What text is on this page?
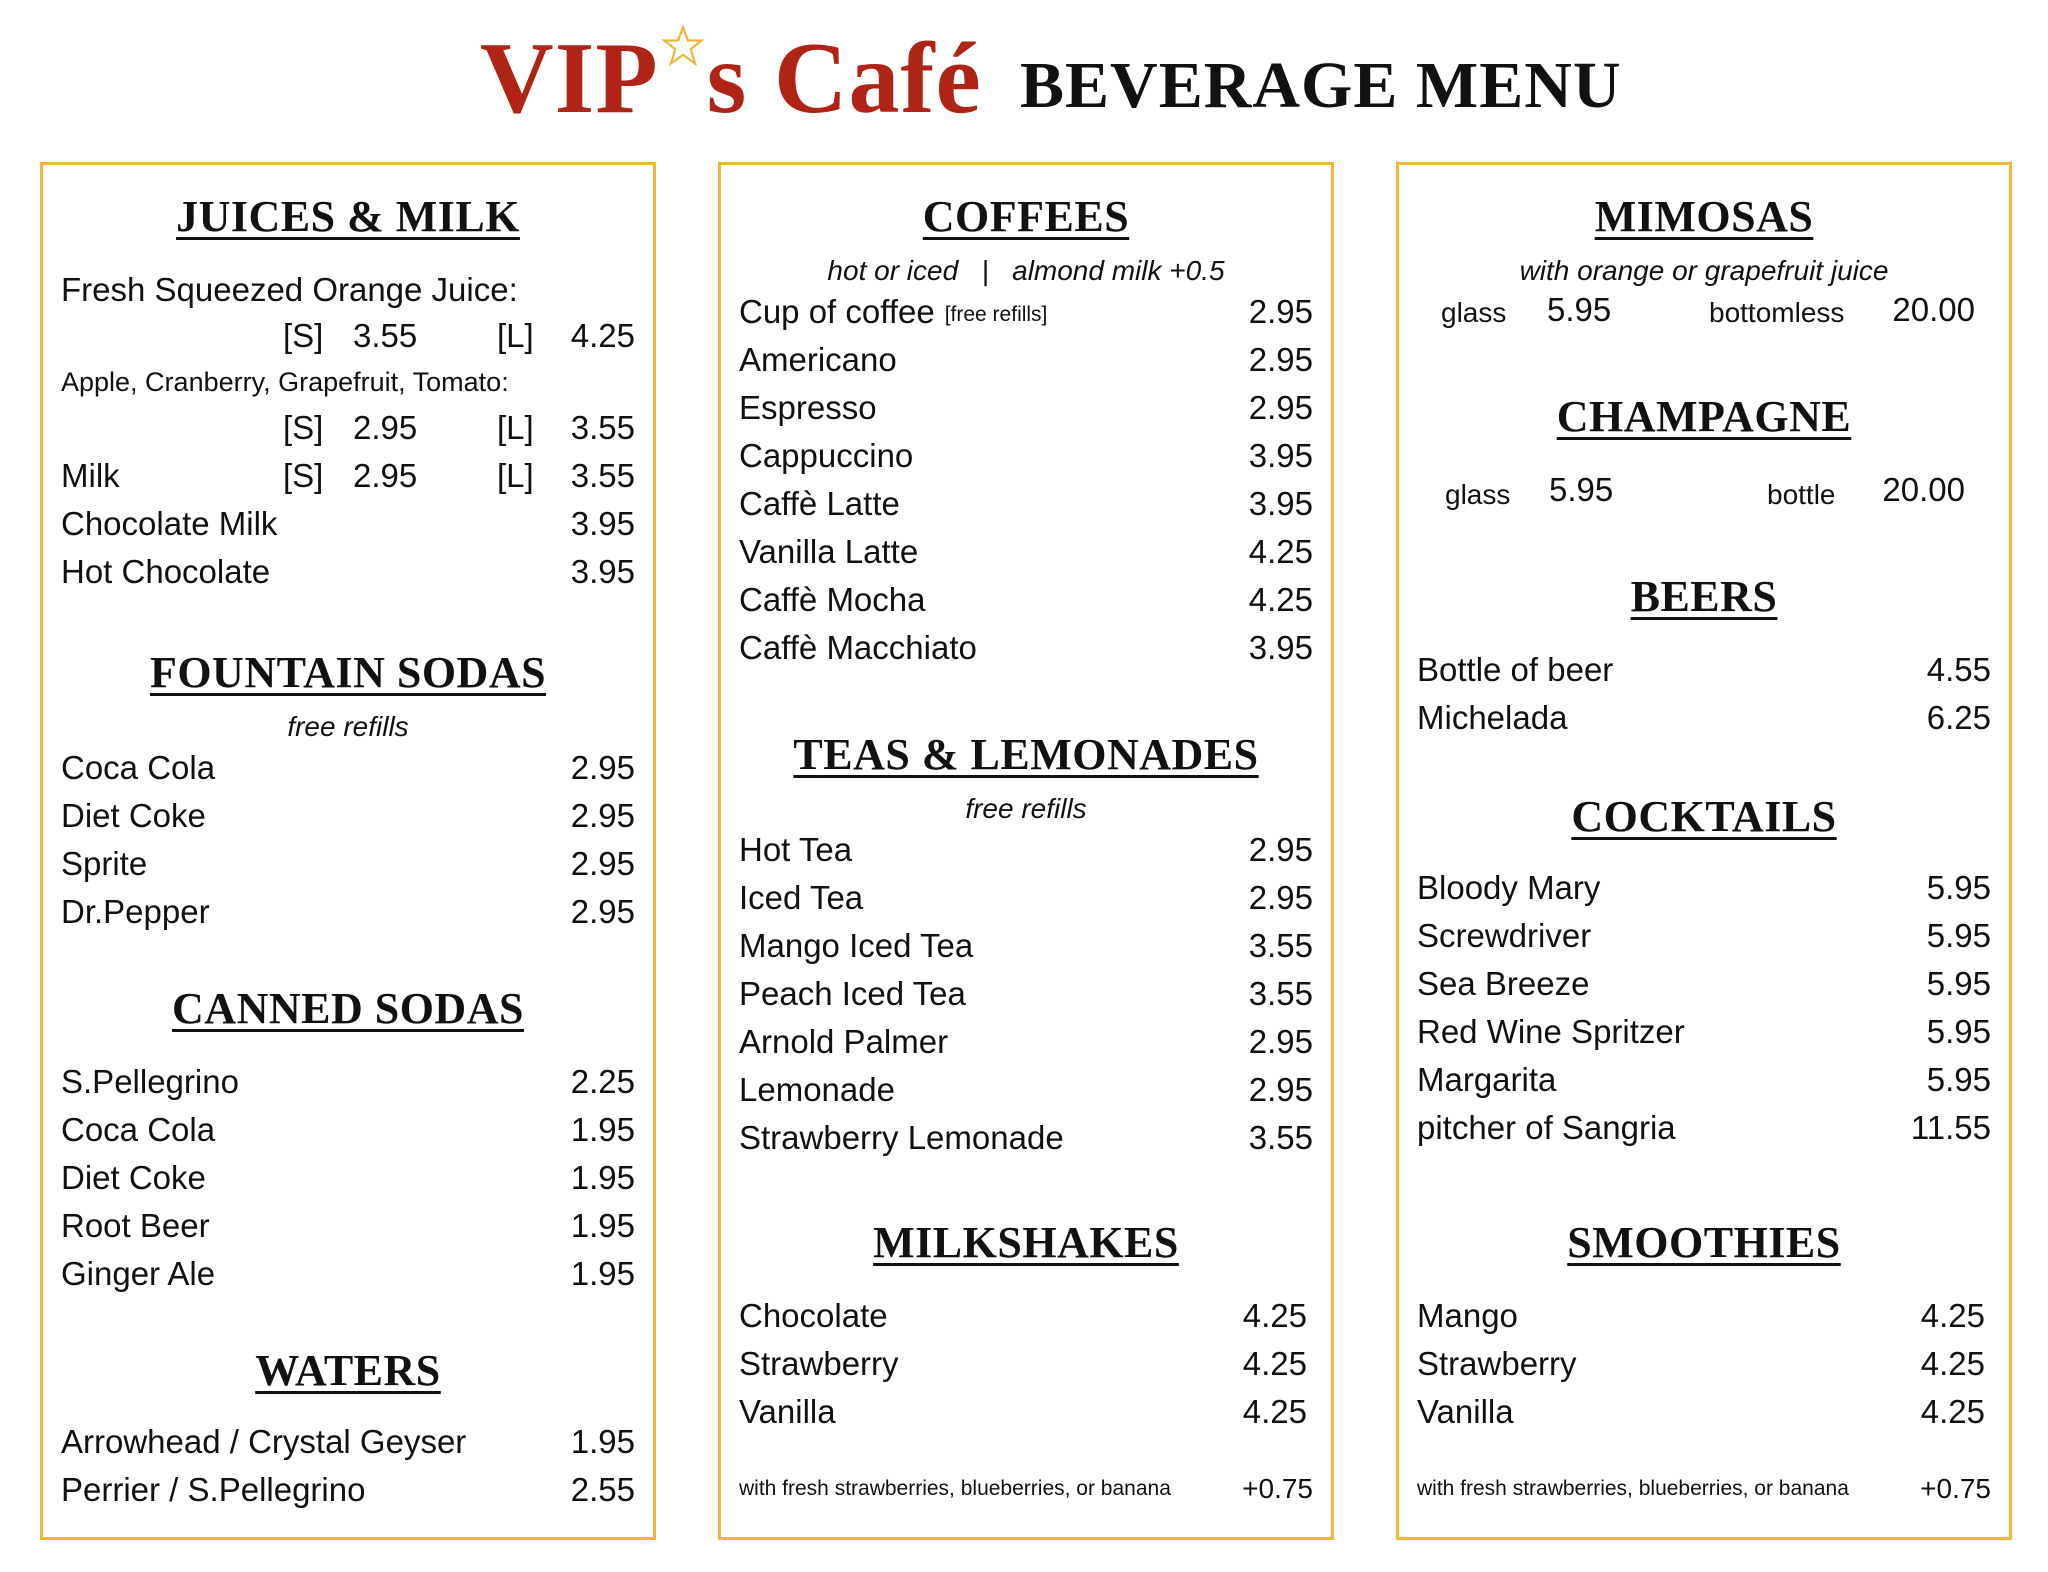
VIP s Café BEVERAGE MENU
JUICES & MILK
Fresh Squeezed Orange Juice:
[S] 3.55 [L] 4.25
Apple, Cranberry, Grapefruit, Tomato:
[S] 2.95 [L] 3.55
Milk	[S] 2.95 [L] 3.55
Chocolate Milk	3.95
Hot Chocolate	3.95
FOUNTAIN SODAS
free refills
Coca Cola	2.95
Diet Coke	2.95
Sprite	2.95
Dr.Pepper	2.95
CANNED SODAS
S.Pellegrino	2.25
Coca Cola	1.95
Diet Coke	1.95
Root Beer	1.95
Ginger Ale	1.95
WATERS
Arrowhead / Crystal Geyser	1.95
Perrier / S.Pellegrino	2.55
COFFEES
hot or iced   |   almond milk +0.5
Cup of coffee [free refills]	2.95
Americano	2.95
Espresso	2.95
Cappuccino	3.95
Caffè Latte	3.95
Vanilla Latte	4.25
Caffè Mocha	4.25
Caffè Macchiato	3.95
TEAS & LEMONADES
free refills
Hot Tea	2.95
Iced Tea	2.95
Mango Iced Tea	3.55
Peach Iced Tea	3.55
Arnold Palmer	2.95
Lemonade	2.95
Strawberry Lemonade	3.55
MILKSHAKES
Chocolate	4.25
Strawberry	4.25
Vanilla	4.25
with fresh strawberries, blueberries, or banana	+0.75
MIMOSAS
with orange or grapefruit juice
glass 5.95	bottomless 20.00
CHAMPAGNE
glass 5.95	bottle 20.00
BEERS
Bottle of beer	4.55
Michelada	6.25
COCKTAILS
Bloody Mary	5.95
Screwdriver	5.95
Sea Breeze	5.95
Red Wine Spritzer	5.95
Margarita	5.95
pitcher of Sangria	11.55
SMOOTHIES
Mango	4.25
Strawberry	4.25
Vanilla	4.25
with fresh strawberries, blueberries, or banana	+0.75
